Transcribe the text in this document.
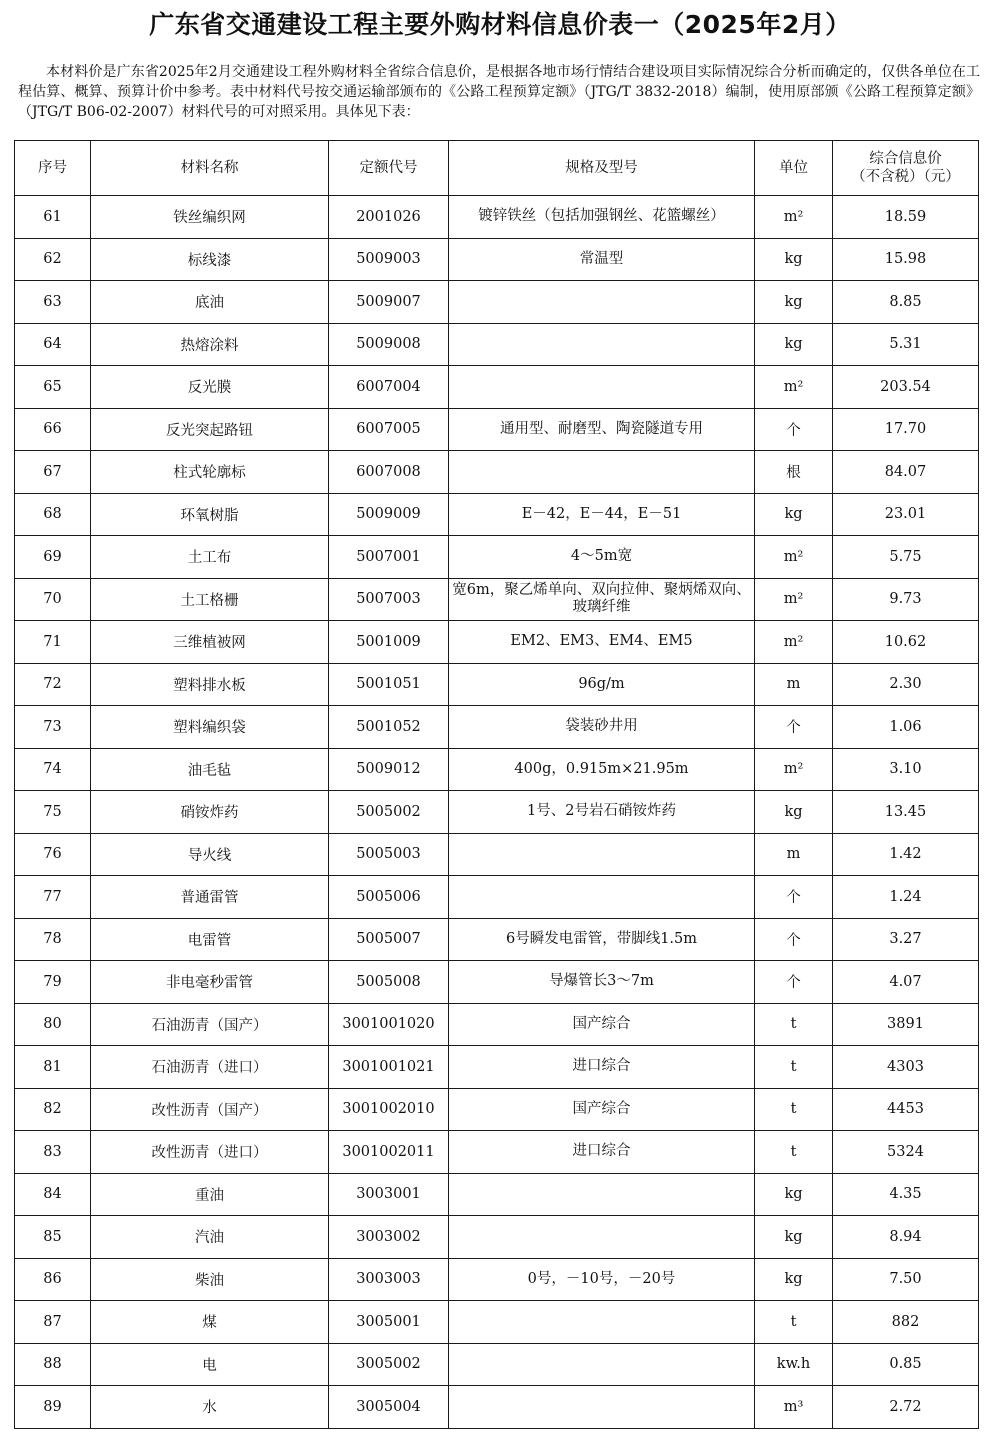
广东省交通建设工程主要外购材料信息价表一（2025年2月）
本材料价是广东省2025年2月交通建设工程外购材料全省综合信息价，是根据各地市场行情结合建设项目实际情况综合分析而确定的，仅供各单位在工程估算、概算、预算计价中参考。表中材料代号按交通运输部颁布的《公路工程预算定额》（JTG/T 3832-2018）编制，使用原部颁《公路工程预算定额》（JTG/T B06-02-2007）材料代号的可对照采用。具体见下表：
序号	材料名称	定额代号	规格及型号	单位	综合信息价
（不含税）（元）

61	铁丝编织网	2001026	镀锌铁丝（包括加强钢丝、花篮螺丝）	m²	18.59
62	标线漆	5009003	常温型	kg	15.98
63	底油	5009007		kg	8.85
64	热熔涂料	5009008		kg	5.31
65	反光膜	6007004		m²	203.54
66	反光突起路钮	6007005	通用型、耐磨型、陶瓷隧道专用	个	17.70
67	柱式轮廓标	6007008		根	84.07
68	环氧树脂	5009009	E－42，E－44，E－51	kg	23.01
69	土工布	5007001	4～5m宽	m²	5.75
70	土工格栅	5007003	宽6m，聚乙烯单向、双向拉伸、聚炳烯双向、玻璃纤维	m²	9.73
71	三维植被网	5001009	EM2、EM3、EM4、EM5	m²	10.62
72	塑料排水板	5001051	96g/m	m	2.30
73	塑料编织袋	5001052	袋装砂井用	个	1.06
74	油毛毡	5009012	400g，0.915m×21.95m	m²	3.10
75	硝铵炸药	5005002	1号、2号岩石硝铵炸药	kg	13.45
76	导火线	5005003		m	1.42
77	普通雷管	5005006		个	1.24
78	电雷管	5005007	6号瞬发电雷管，带脚线1.5m	个	3.27
79	非电毫秒雷管	5005008	导爆管长3～7m	个	4.07
80	石油沥青（国产）	3001001020	国产综合	t	3891
81	石油沥青（进口）	3001001021	进口综合	t	4303
82	改性沥青（国产）	3001002010	国产综合	t	4453
83	改性沥青（进口）	3001002011	进口综合	t	5324
84	重油	3003001		kg	4.35
85	汽油	3003002		kg	8.94
86	柴油	3003003	0号，－10号，－20号	kg	7.50
87	煤	3005001		t	882
88	电	3005002		kw.h	0.85
89	水	3005004		m³	2.72
